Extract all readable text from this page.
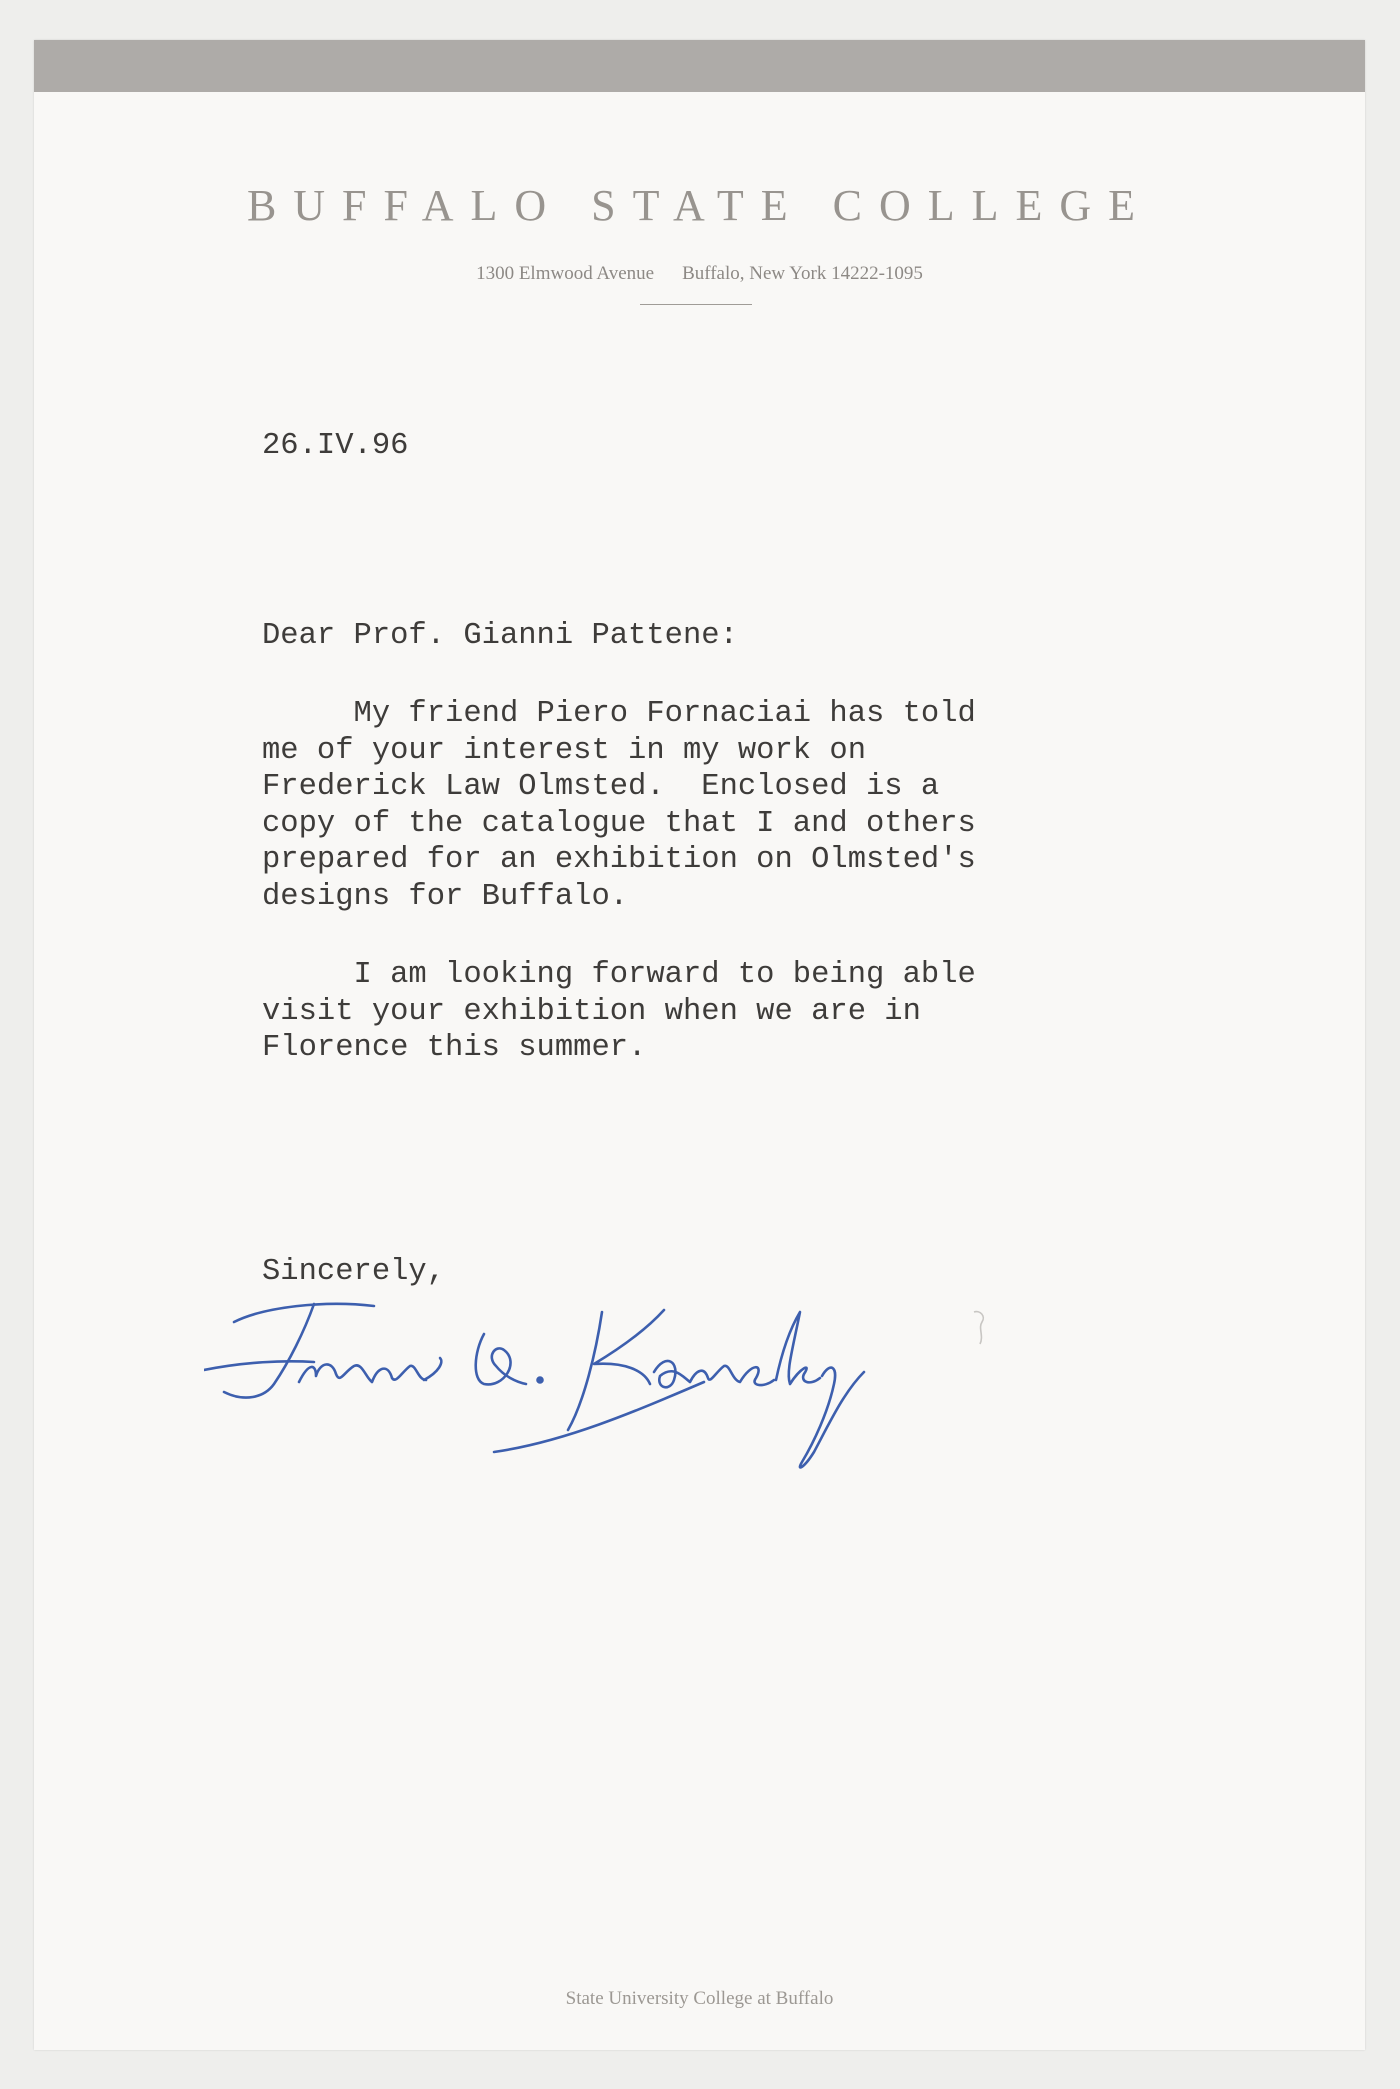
BUFFALO STATE COLLEGE
1300 Elmwood Avenue Buffalo, New York 14222-1095
26.IV.96
Dear Prof. Gianni Pattene:
My friend Piero Fornaciai has told
me of your interest in my work on
Frederick Law Olmsted.  Enclosed is a
copy of the catalogue that I and others
prepared for an exhibition on Olmsted's
designs for Buffalo.
I am looking forward to being able
visit your exhibition when we are in
Florence this summer.
Sincerely,
State University College at Buffalo
